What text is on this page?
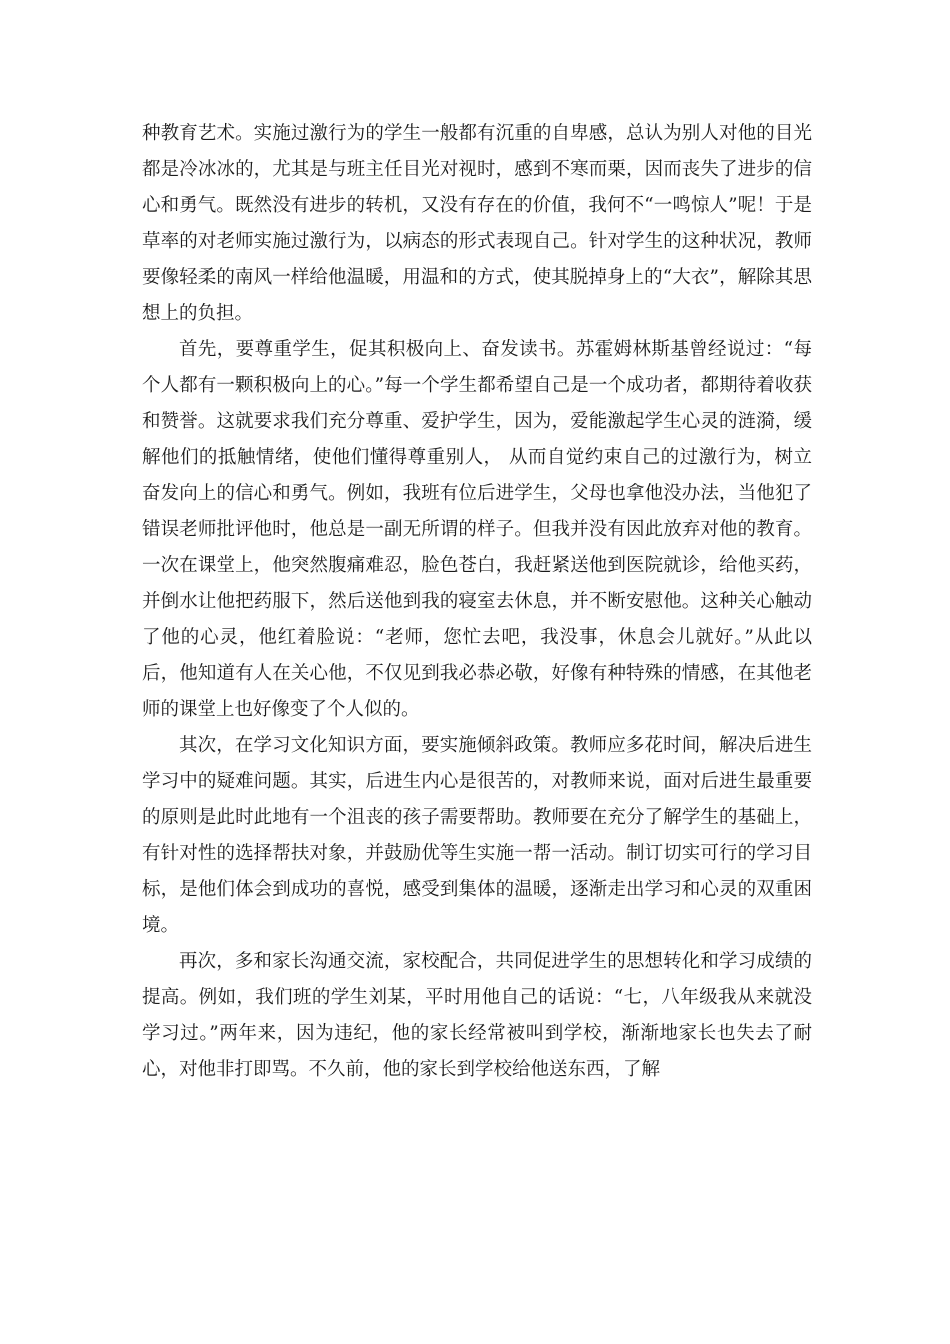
种教育艺术。实施过激行为的学生一般都有沉重的自卑感，总认为别人对他的目光都是冷冰冰的，尤其是与班主任目光对视时，感到不寒而栗，因而丧失了进步的信心和勇气。既然没有进步的转机，又没有存在的价值，我何不“一鸣惊人”呢！于是草率的对老师实施过激行为，以病态的形式表现自己。针对学生的这种状况，教师要像轻柔的南风一样给他温暖，用温和的方式，使其脱掉身上的“大衣”，解除其思想上的负担。

首先，要尊重学生，促其积极向上、奋发读书。苏霍姆林斯基曾经说过：“每个人都有一颗积极向上的心。”每一个学生都希望自己是一个成功者，都期待着收获和赞誉。这就要求我们充分尊重、爱护学生，因为，爱能激起学生心灵的涟漪，缓解他们的抵触情绪，使他们懂得尊重别人， 从而自觉约束自己的过激行为，树立奋发向上的信心和勇气。例如，我班有位后进学生，父母也拿他没办法，当他犯了错误老师批评他时，他总是一副无所谓的样子。但我并没有因此放弃对他的教育。一次在课堂上，他突然腹痛难忍，脸色苍白，我赶紧送他到医院就诊，给他买药，并倒水让他把药服下，然后送他到我的寝室去休息，并不断安慰他。这种关心触动了他的心灵，他红着脸说：“老师，您忙去吧，我没事，休息会儿就好。”从此以后，他知道有人在关心他，不仅见到我必恭必敬，好像有种特殊的情感，在其他老师的课堂上也好像变了个人似的。

其次，在学习文化知识方面，要实施倾斜政策。教师应多花时间，解决后进生学习中的疑难问题。其实，后进生内心是很苦的，对教师来说，面对后进生最重要的原则是此时此地有一个沮丧的孩子需要帮助。教师要在充分了解学生的基础上，有针对性的选择帮扶对象，并鼓励优等生实施一帮一活动。制订切实可行的学习目标，是他们体会到成功的喜悦，感受到集体的温暖，逐渐走出学习和心灵的双重困境。

再次，多和家长沟通交流，家校配合，共同促进学生的思想转化和学习成绩的提高。例如，我们班的学生刘某，平时用他自己的话说：“七，八年级我从来就没学习过。”两年来，因为违纪，他的家长经常被叫到学校，渐渐地家长也失去了耐心，对他非打即骂。不久前，他的家长到学校给他送东西，了解
